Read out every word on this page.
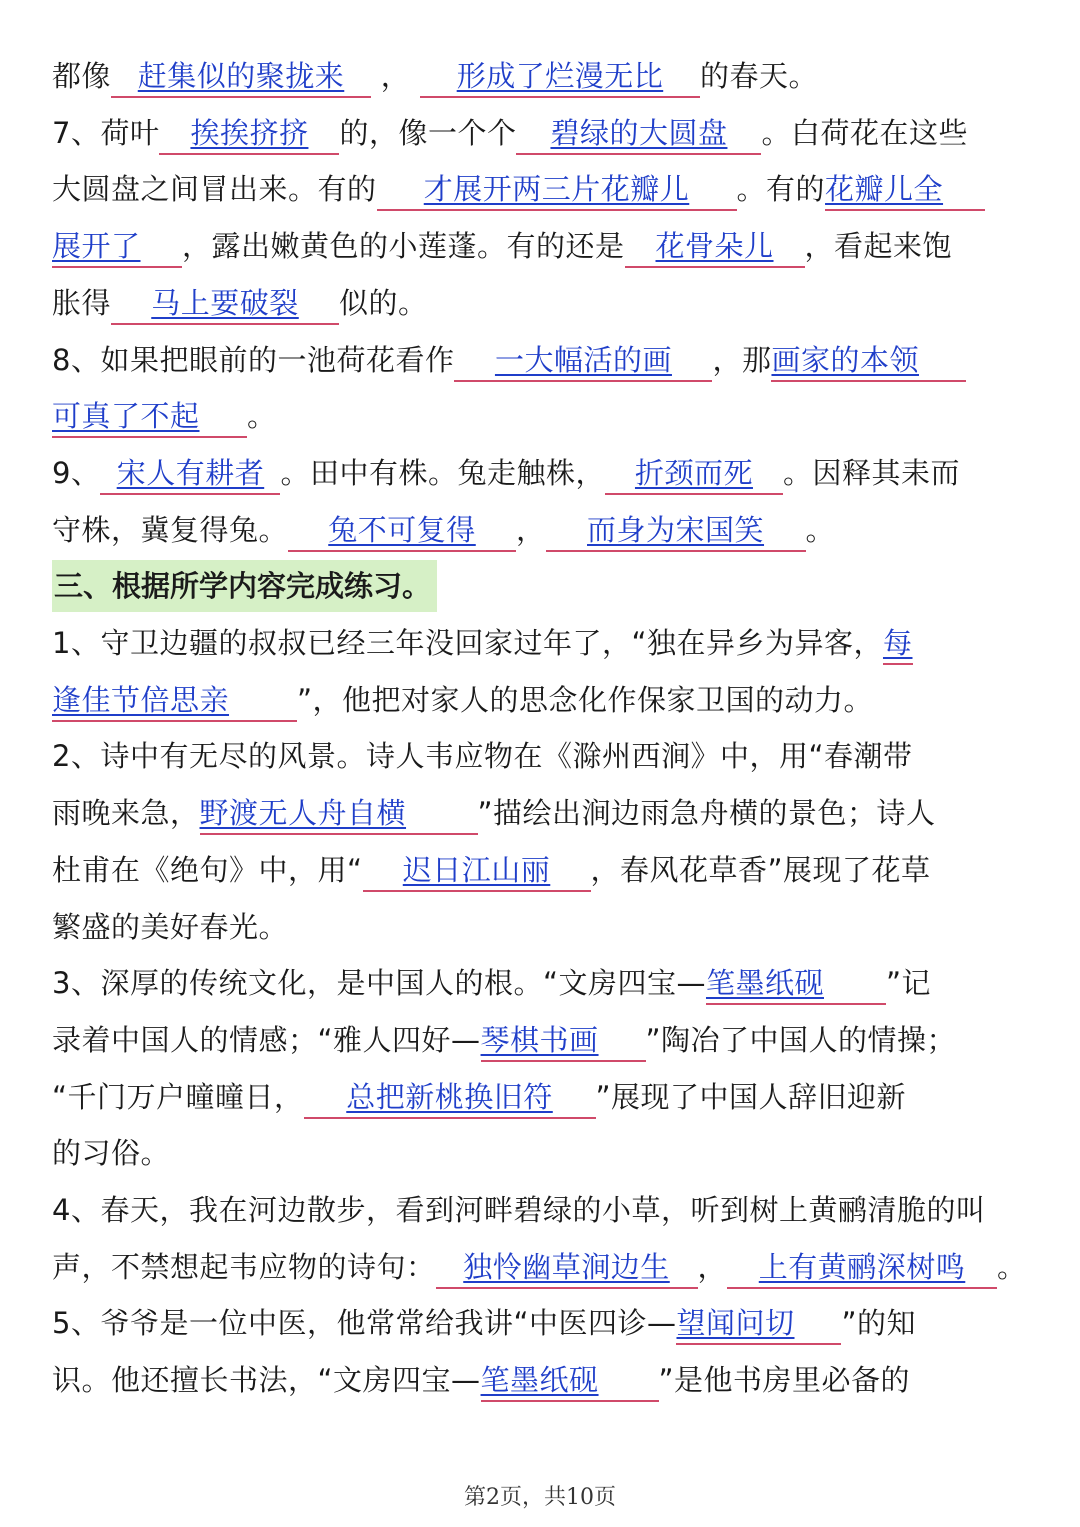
都像 赶集似的聚拢来 ， 形成了烂漫无比 的春天。
7、荷叶 挨挨挤挤 的，像一个个 碧绿的大圆盘 。白荷花在这些
大圆盘之间冒出来。有的 才展开两三片花瓣儿 。有的花瓣儿全
展开了 ，露出嫩黄色的小莲蓬。有的还是 花骨朵儿 ，看起来饱
胀得 马上要破裂 似的。
8、如果把眼前的一池荷花看作 一大幅活的画 ，那画家的本领
可真了不起 。
9、 宋人有耕者 。田中有株。兔走触株， 折颈而死 。因释其耒而
守株，冀复得兔。 兔不可复得 ， 而身为宋国笑 。
三、根据所学内容完成练习。
1、守卫边疆的叔叔已经三年没回家过年了，“独在异乡为异客，每
逢佳节倍思亲 ”，他把对家人的思念化作保家卫国的动力。
2、诗中有无尽的风景。诗人韦应物在《滁州西涧》中，用“春潮带
雨晚来急，野渡无人舟自横 ”描绘出涧边雨急舟横的景色；诗人
杜甫在《绝句》中，用“ 迟日江山丽 ，春风花草香”展现了花草
繁盛的美好春光。
3、深厚的传统文化，是中国人的根。“文房四宝—笔墨纸砚 ”记
录着中国人的情感；“雅人四好—琴棋书画 ”陶冶了中国人的情操；
“千门万户曈曈日， 总把新桃换旧符 ”展现了中国人辞旧迎新
的习俗。
4、春天，我在河边散步，看到河畔碧绿的小草，听到树上黄鹂清脆的叫
声，不禁想起韦应物的诗句： 独怜幽草涧边生 ， 上有黄鹂深树鸣 。
5、爷爷是一位中医，他常常给我讲“中医四诊—望闻问切 ”的知
识。他还擅长书法，“文房四宝—笔墨纸砚 ”是他书房里必备的
第2页，共10页
